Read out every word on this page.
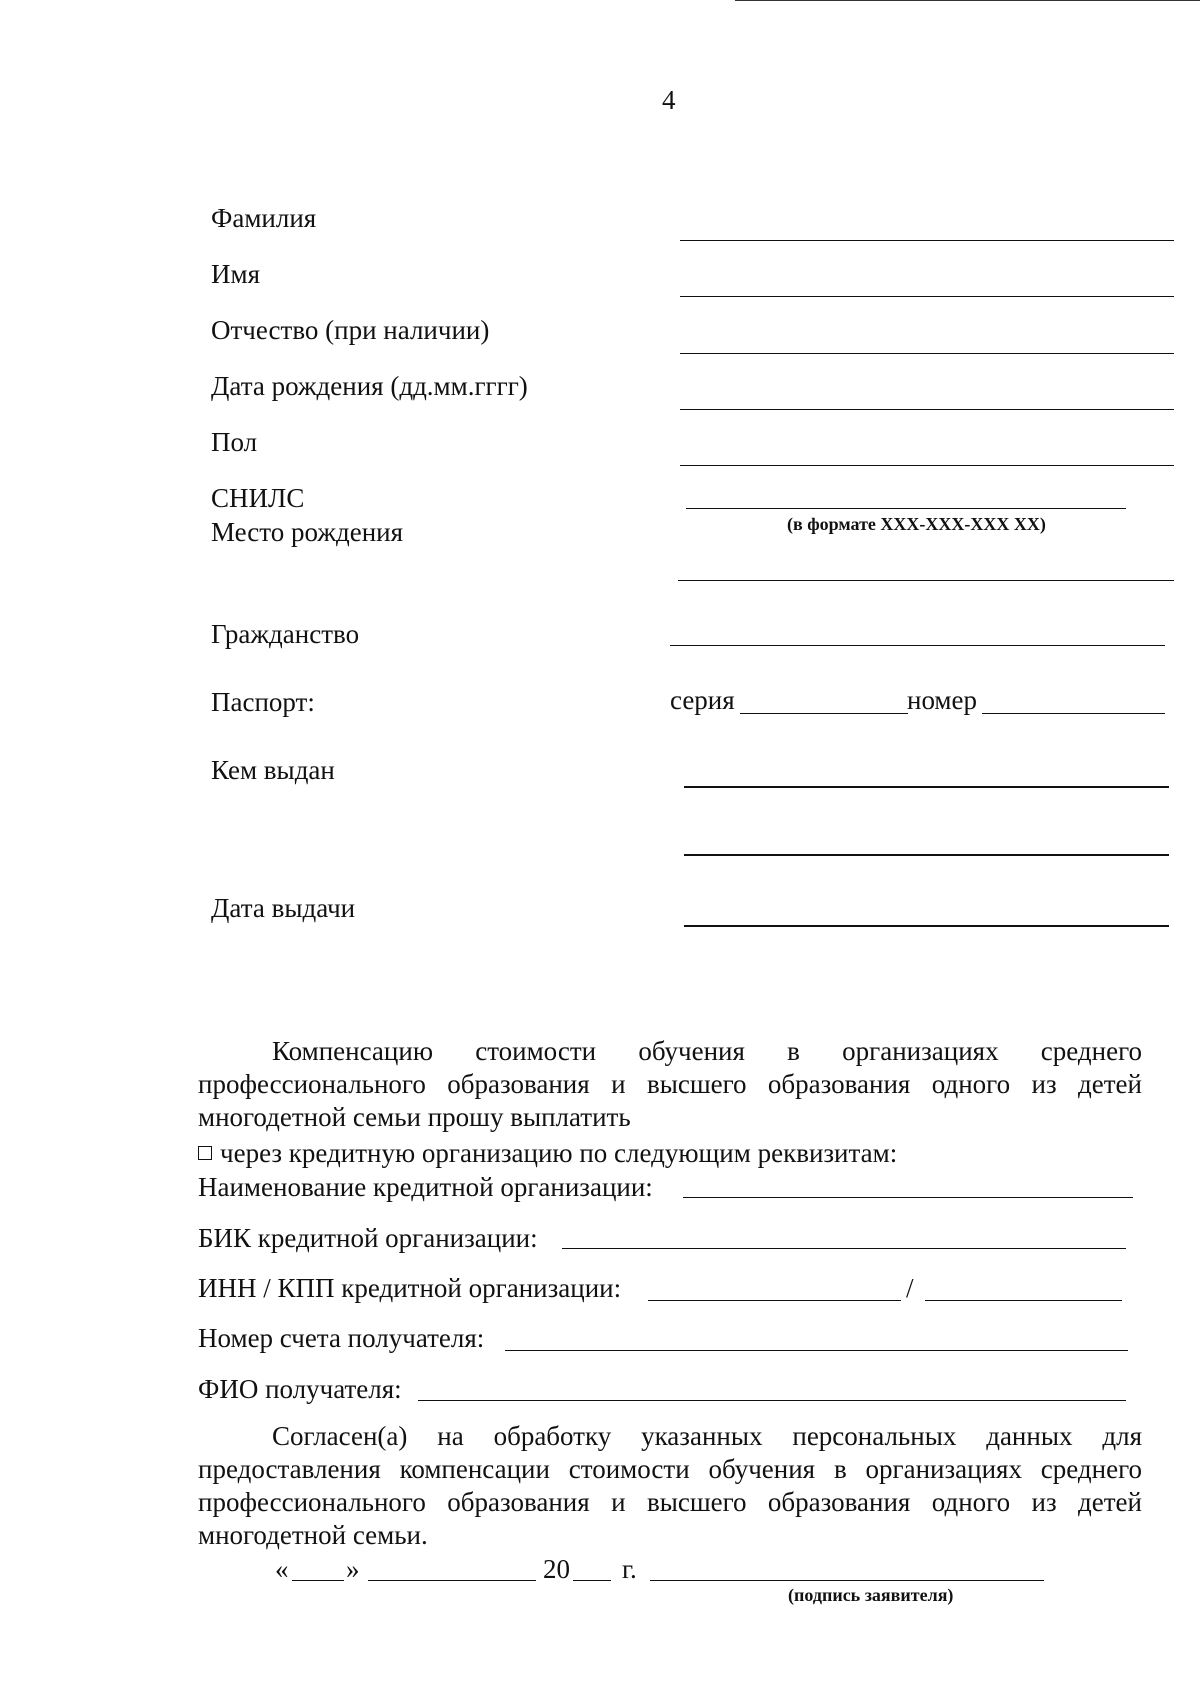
4
Фамилия
Имя
Отчество (при наличии)
Дата рождения (дд.мм.гггг)
Пол
СНИЛС
(в формате ХХХ-ХХХ-ХХХ ХХ)
Место рождения
Гражданство
Паспорт:	серия	номер
Кем выдан
Дата выдачи
Компенсацию стоимости обучения в организациях среднего профессионального образования и высшего образования одного из детей многодетной семьи прошу выплатить
через кредитную организацию по следующим реквизитам:
Наименование кредитной организации:
БИК кредитной организации:
ИНН / КПП кредитной организации:	/
Номер счета получателя:
ФИО получателя:
Согласен(а) на обработку указанных персональных данных для предоставления компенсации стоимости обучения в организациях среднего профессионального образования и высшего образования одного из детей многодетной семьи.
« »	20 г.
(подпись заявителя)
